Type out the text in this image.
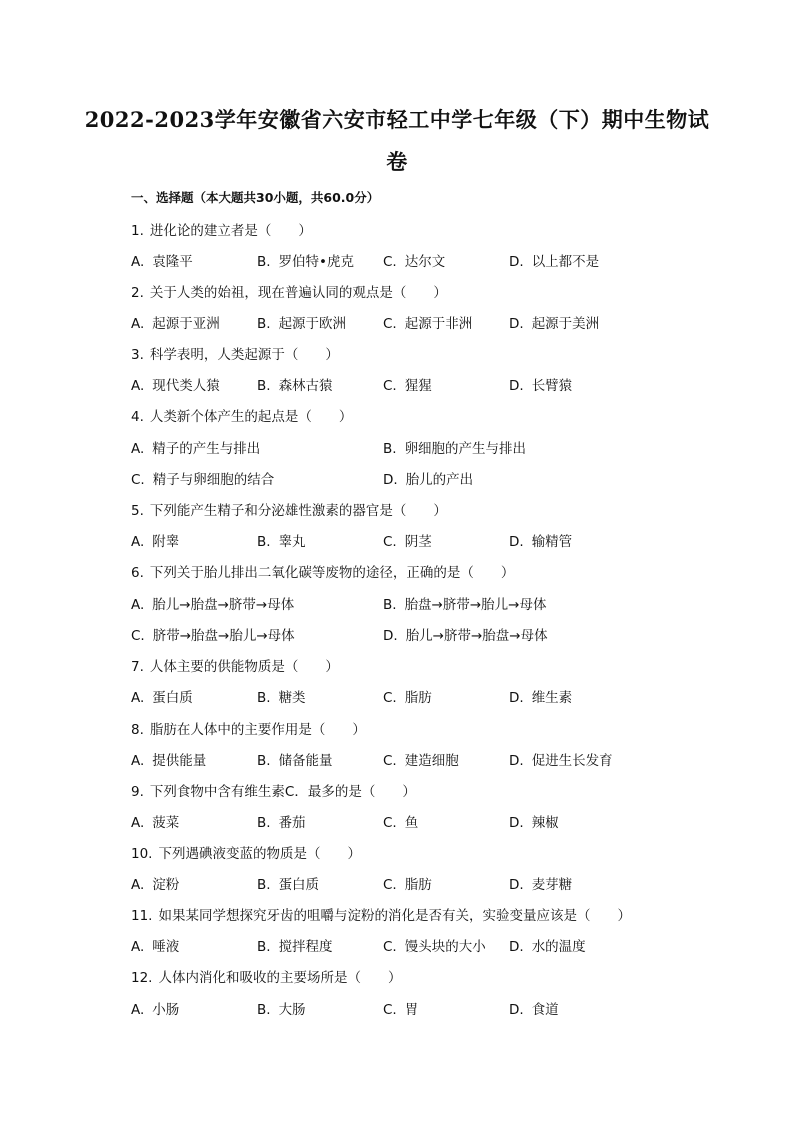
2022-2023学年安徽省六安市轻工中学七年级（下）期中生物试
卷
一、选择题（本大题共30小题，共60.0分）
1. 进化论的建立者是（　　）
A. 袁隆平	B. 罗伯特•虎克 C. 达尔文	D. 以上都不是
2. 关于人类的始祖，现在普遍认同的观点是（　　）
A. 起源于亚洲	B. 起源于欧洲	C. 起源于非洲	D. 起源于美洲
3. 科学表明，人类起源于（　　）
A. 现代类人猿	B. 森林古猿	C. 猩猩	D. 长臂猿
4. 人类新个体产生的起点是（　　）
A. 精子的产生与排出	B. 卵细胞的产生与排出
C. 精子与卵细胞的结合	D. 胎儿的产出
5. 下列能产生精子和分泌雄性激素的器官是（　　）
A. 附睾	B. 睾丸	C. 阴茎	D. 输精管
6. 下列关于胎儿排出二氧化碳等废物的途径，正确的是（　　）
A. 胎儿→胎盘→脐带→母体	B. 胎盘→脐带→胎儿→母体
C. 脐带→胎盘→胎儿→母体	D. 胎儿→脐带→胎盘→母体
7. 人体主要的供能物质是（　　）
A. 蛋白质	B. 糖类	C. 脂肪	D. 维生素
8. 脂肪在人体中的主要作用是（　　）
A. 提供能量	B. 储备能量	C. 建造细胞	D. 促进生长发育
9. 下列食物中含有维生素C．最多的是（　　）
A. 菠菜	B. 番茄	C. 鱼	D. 辣椒
10. 下列遇碘液变蓝的物质是（　　）
A. 淀粉	B. 蛋白质	C. 脂肪	D. 麦芽糖
11. 如果某同学想探究牙齿的咀嚼与淀粉的消化是否有关，实验变量应该是（　　）
A. 唾液	B. 搅拌程度	C. 馒头块的大小 D. 水的温度
12. 人体内消化和吸收的主要场所是（　　）
A. 小肠	B. 大肠	C. 胃	D. 食道
